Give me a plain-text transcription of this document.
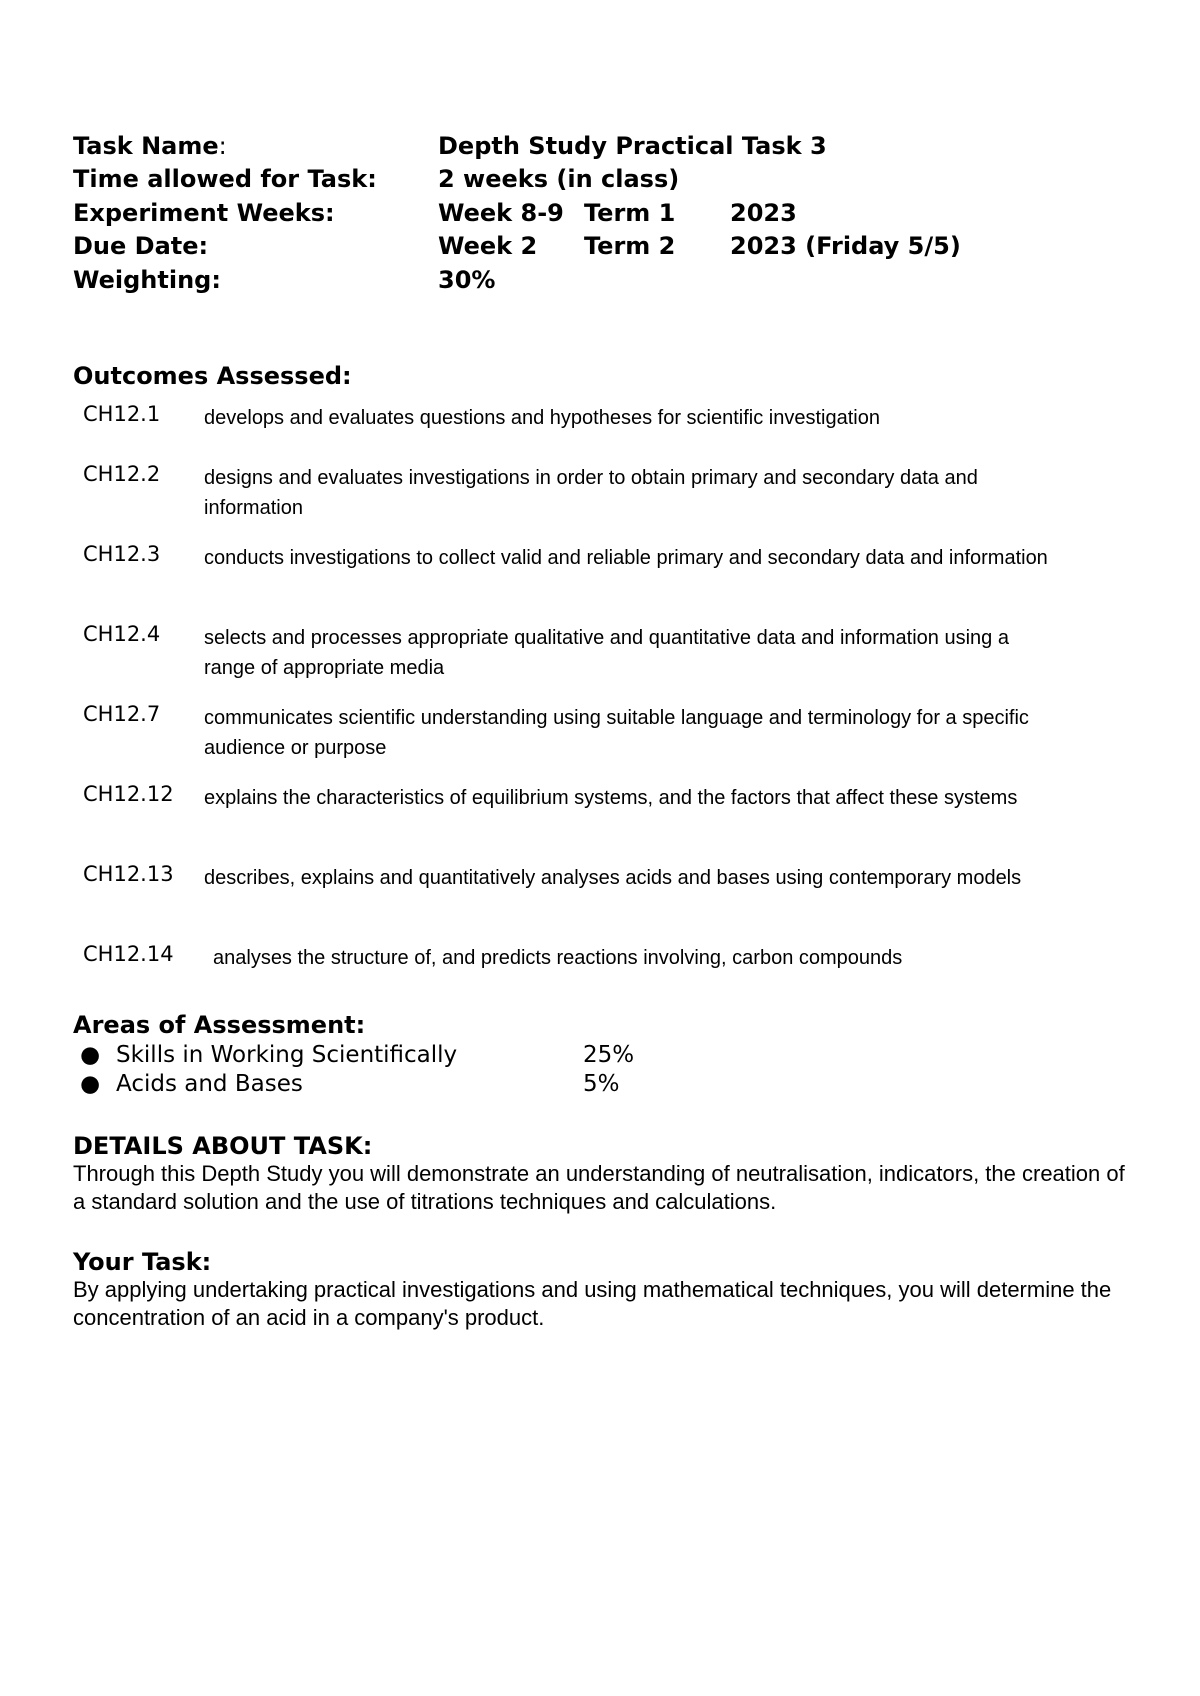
Task Name:	Depth Study Practical Task 3
Time allowed for Task:	2 weeks (in class)
Experiment Weeks:	Week 8-9 Term 1 2023
Due Date:	Week 2 Term 2 2023 (Friday 5/5)
Weighting:	30%
Outcomes Assessed:
CH12.1 develops and evaluates questions and hypotheses for scientific investigation
CH12.2 designs and evaluates investigations in order to obtain primary and secondary data and information
CH12.3 conducts investigations to collect valid and reliable primary and secondary data and information
CH12.4 selects and processes appropriate qualitative and quantitative data and information using a range of appropriate media
CH12.7 communicates scientific understanding using suitable language and terminology for a specific audience or purpose
CH12.12 explains the characteristics of equilibrium systems, and the factors that affect these systems
CH12.13 describes, explains and quantitatively analyses acids and bases using contemporary models
CH12.14 analyses the structure of, and predicts reactions involving, carbon compounds
Areas of Assessment:
● Skills in Working Scientifically	25%
● Acids and Bases	5%
DETAILS ABOUT TASK:
Through this Depth Study you will demonstrate an understanding of neutralisation, indicators, the creation of a standard solution and the use of titrations techniques and calculations.
Your Task:
By applying undertaking practical investigations and using mathematical techniques, you will determine the concentration of an acid in a company's product.
